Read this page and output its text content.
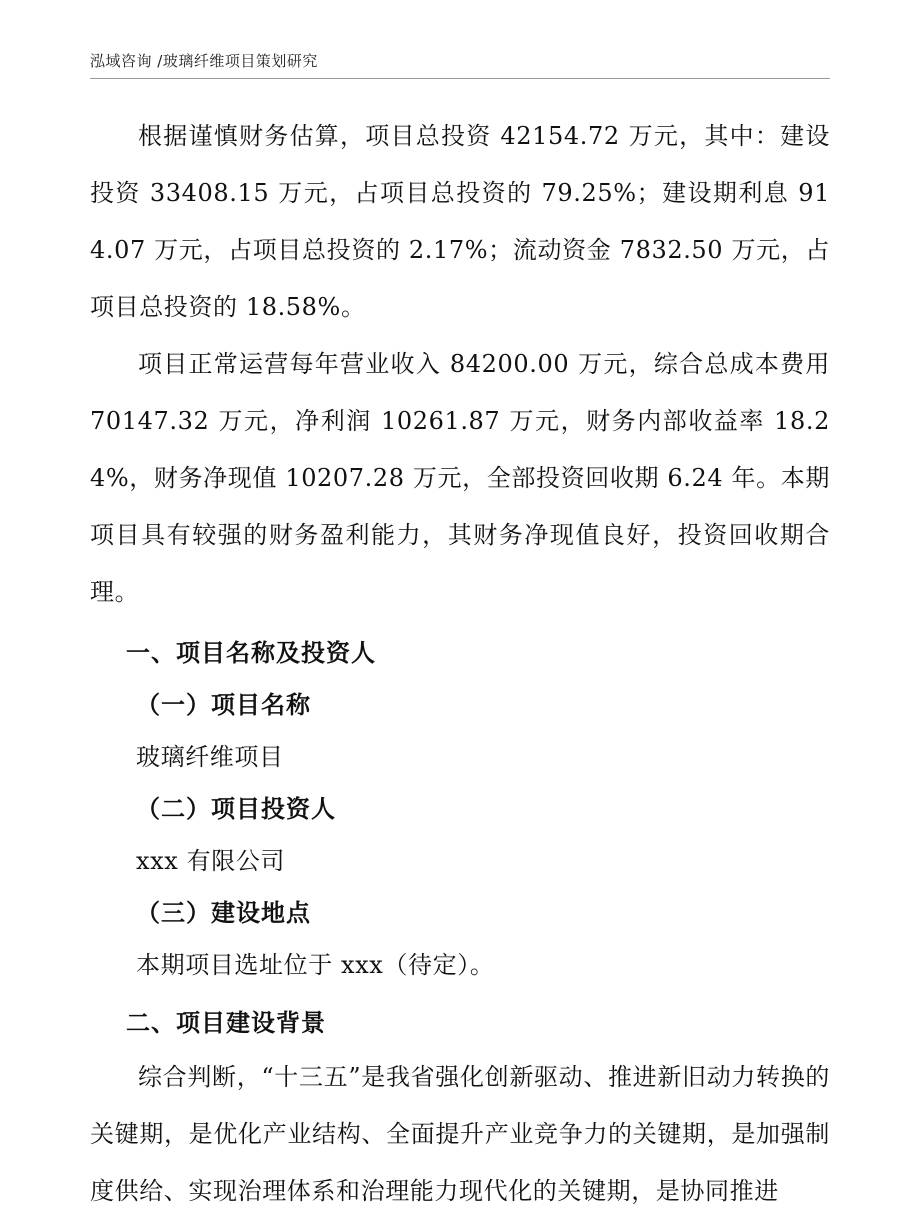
泓域咨询 /玻璃纤维项目策划研究

根据谨慎财务估算，项目总投资 42154.72 万元，其中：建设投资 33408.15 万元，占项目总投资的 79.25%；建设期利息 914.07 万元，占项目总投资的 2.17%；流动资金 7832.50 万元，占项目总投资的 18.58%。

项目正常运营每年营业收入 84200.00 万元，综合总成本费用 70147.32 万元，净利润 10261.87 万元，财务内部收益率 18.24%，财务净现值 10207.28 万元，全部投资回收期 6.24 年。本期项目具有较强的财务盈利能力，其财务净现值良好，投资回收期合理。

一、项目名称及投资人
（一）项目名称
玻璃纤维项目
（二）项目投资人
xxx 有限公司
（三）建设地点
本期项目选址位于 xxx（待定）。
二、项目建设背景

综合判断，“十三五”是我省强化创新驱动、推进新旧动力转换的关键期，是优化产业结构、全面提升产业竞争力的关键期，是加强制度供给、实现治理体系和治理能力现代化的关键期，是协同推进
